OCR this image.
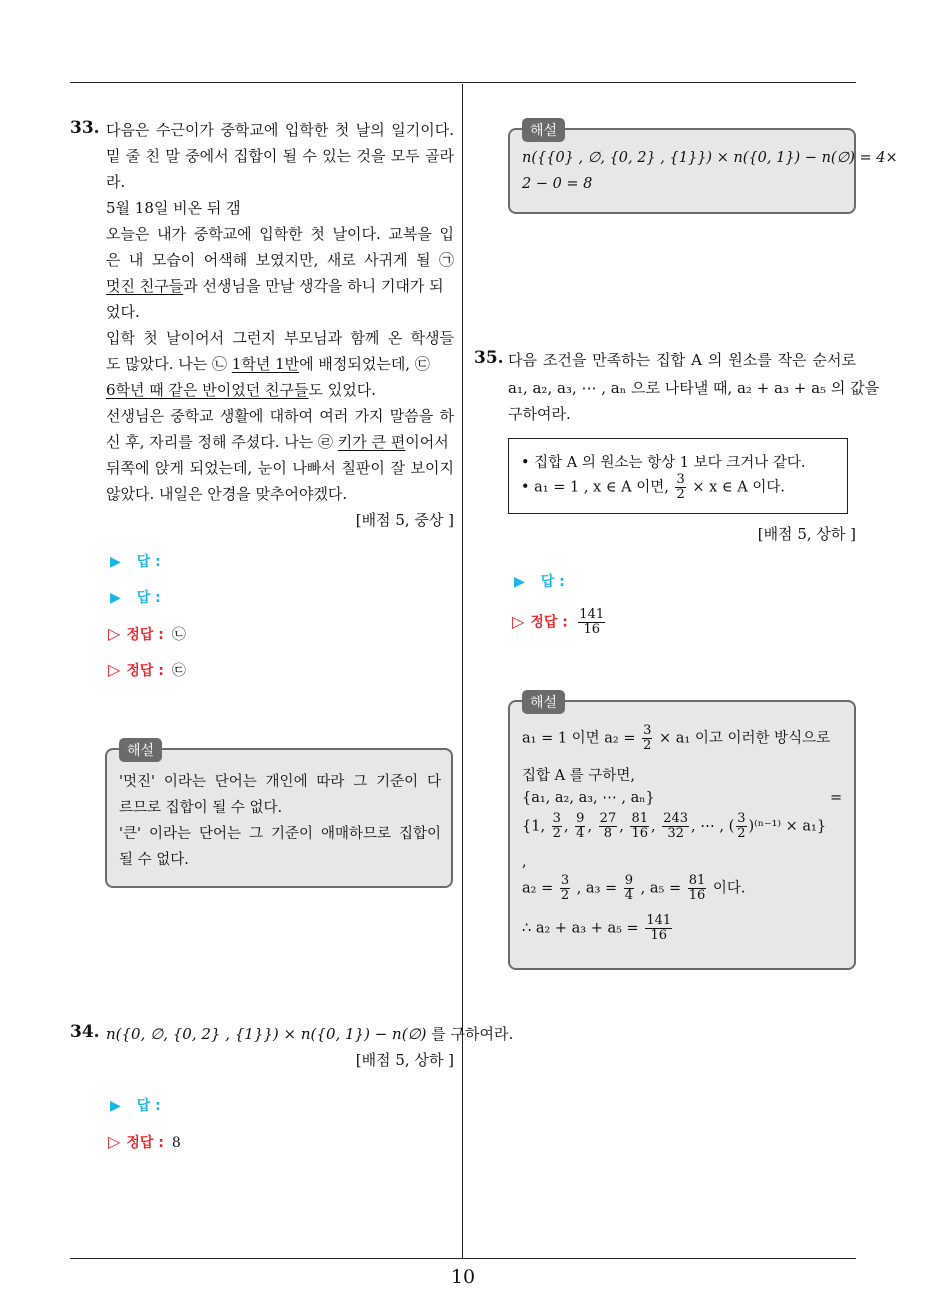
10
33. 다음은 수근이가 중학교에 입학한 첫 날의 일기이다.
밑 줄 친 말 중에서 집합이 될 수 있는 것을 모두 골라
라.
5월 18일 비온 뒤 갬
오늘은 내가 중학교에 입학한 첫 날이다. 교복을 입
은 내 모습이 어색해 보였지만, 새로 사귀게 될 ㉠
멋진 친구들과 선생님을 만날 생각을 하니 기대가 되
었다.
입학 첫 날이어서 그런지 부모님과 함께 온 학생들
도 많았다. 나는 ㉡ 1학년 1반에 배정되었는데, ㉢
6학년 때 같은 반이었던 친구들도 있었다.
선생님은 중학교 생활에 대하여 여러 가지 말씀을 하
신 후, 자리를 정해 주셨다. 나는 ㉣ 키가 큰 편이어서
뒤쪽에 앉게 되었는데, 눈이 나빠서 칠판이 잘 보이지
않았다. 내일은 안경을 맞추어야겠다.
[배점 5, 중상 ]
▶ 답 :
▶ 답 :
▷ 정답 : ㉡
▷ 정답 : ㉢
해설
'멋진' 이라는 단어는 개인에 따라 그 기준이 다
르므로 집합이 될 수 없다.
'큰' 이라는 단어는 그 기준이 애매하므로 집합이
될 수 없다.
34. n({0, ∅, {0, 2} , {1}}) × n({0, 1}) − n(∅) 를 구하여라.
[배점 5, 상하 ]
▶ 답 :
▷ 정답 : 8
해설
n({{0} , ∅, {0, 2} , {1}}) × n({0, 1}) − n(∅) = 4×
2 − 0 = 8
35. 다음 조건을 만족하는 집합 A 의 원소를 작은 순서로
a₁, a₂, a₃, ⋯ , aₙ 으로 나타낼 때, a₂ + a₃ + a₅ 의 값을
구하여라.
• 집합 A 의 원소는 항상 1 보다 크거나 같다.
• a₁ = 1 , x ∈ A 이면, $\frac{3}{2} \times x$ ∈ A 이다.
[배점 5, 상하 ]
▶ 답 :
▷ 정답 : $\frac{141}{16}$
해설
a₁ = 1 이면 $a_2 = \frac{3}{2} \times a_1$ 이고 이러한 방식으로
집합 A 를 구하면,
{a₁, a₂, a₃, ⋯ , aₙ}	=
{1, $\frac{3}{2}$ , $\frac{9}{4}$ , $\frac{27}{8}$ , $\frac{81}{16}$ , $\frac{243}{32}$ , ⋯ , ( $\frac{3}{2} )^{(n-1)} \times a_1$}
,
$a_2 = \frac{3}{2}$ , $a_3 = \frac{9}{4}$ , $a_5 = \frac{81}{16}$ 이다.
∴ $a_2 + a_3 + a_5 = \frac{141}{16}$
